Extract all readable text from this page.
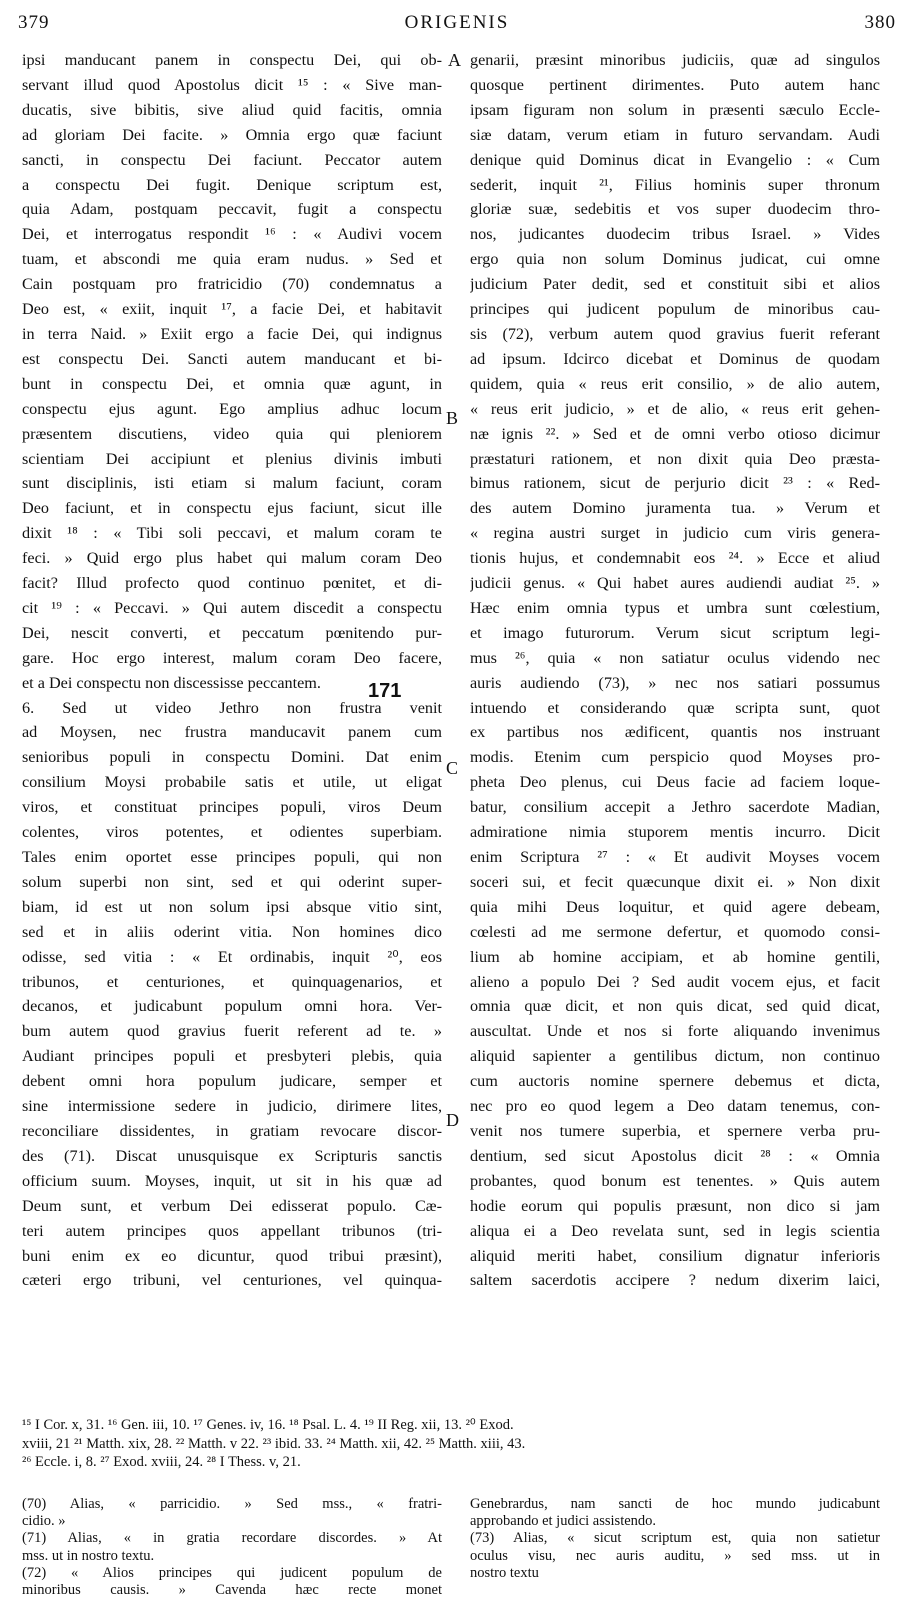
379	ORIGENIS	380

ipsi manducant panem in conspectu Dei, qui ob-

servant illud quod Apostolus dicit ¹⁵ : « Sive man-

ducatis, sive bibitis, sive aliud quid facitis, omnia

ad gloriam Dei facite. » Omnia ergo quæ faciunt

sancti, in conspectu Dei faciunt. Peccator autem

a conspectu Dei fugit. Denique scriptum est,

quia Adam, postquam peccavit, fugit a conspectu

Dei, et interrogatus respondit ¹⁶ : « Audivi vocem

tuam, et abscondi me quia eram nudus. » Sed et

Cain postquam pro fratricidio (70) condemnatus a

Deo est, « exiit, inquit ¹⁷, a facie Dei, et habitavit

in terra Naid. » Exiit ergo a facie Dei, qui indignus

est conspectu Dei. Sancti autem manducant et bi-

bunt in conspectu Dei, et omnia quæ agunt, in

conspectu ejus agunt. Ego amplius adhuc locum

præsentem discutiens, video quia qui pleniorem

scientiam Dei accipiunt et plenius divinis imbuti

sunt disciplinis, isti etiam si malum faciunt, coram

Deo faciunt, et in conspectu ejus faciunt, sicut ille

dixit ¹⁸ : « Tibi soli peccavi, et malum coram te

feci. » Quid ergo plus habet qui malum coram Deo

facit? Illud profecto quod continuo pœnitet, et di-

cit ¹⁹ : « Peccavi. » Qui autem discedit a conspectu

Dei, nescit converti, et peccatum pœnitendo pur-

gare. Hoc ergo interest, malum coram Deo facere,

et a Dei conspectu non discessisse peccantem.

6. Sed ut video Jethro non frustra venit

ad Moysen, nec frustra manducavit panem cum

senioribus populi in conspectu Domini. Dat enim

consilium Moysi probabile satis et utile, ut eligat

viros, et constituat principes populi, viros Deum

colentes, viros potentes, et odientes superbiam.

Tales enim oportet esse principes populi, qui non

solum superbi non sint, sed et qui oderint super-

biam, id est ut non solum ipsi absque vitio sint,

sed et in aliis oderint vitia. Non homines dico

odisse, sed vitia : « Et ordinabis, inquit ²⁰, eos

tribunos, et centuriones, et quinquagenarios, et

decanos, et judicabunt populum omni hora. Ver-

bum autem quod gravius fuerit referent ad te. »

Audiant principes populi et presbyteri plebis, quia

debent omni hora populum judicare, semper et

sine intermissione sedere in judicio, dirimere lites,

reconciliare dissidentes, in gratiam revocare discor-

des (71). Discat unusquisque ex Scripturis sanctis

officium suum. Moyses, inquit, ut sit in his quæ ad

Deum sunt, et verbum Dei edisserat populo. Cæ-

teri autem principes quos appellant tribunos (tri-

buni enim ex eo dicuntur, quod tribui præsint),

cæteri ergo tribuni, vel centuriones, vel quinqua-

genarii, præsint minoribus judiciis, quæ ad singulos

quosque pertinent dirimentes. Puto autem hanc

ipsam figuram non solum in præsenti sæculo Eccle-

siæ datam, verum etiam in futuro servandam. Audi

denique quid Dominus dicat in Evangelio : « Cum

sederit, inquit ²¹, Filius hominis super thronum

gloriæ suæ, sedebitis et vos super duodecim thro-

nos, judicantes duodecim tribus Israel. » Vides

ergo quia non solum Dominus judicat, cui omne

judicium Pater dedit, sed et constituit sibi et alios

principes qui judicent populum de minoribus cau-

sis (72), verbum autem quod gravius fuerit referant

ad ipsum. Idcirco dicebat et Dominus de quodam

quidem, quia « reus erit consilio, » de alio autem,

« reus erit judicio, » et de alio, « reus erit gehen-

næ ignis ²². » Sed et de omni verbo otioso dicimur

præstaturi rationem, et non dixit quia Deo præsta-

bimus rationem, sicut de perjurio dicit ²³ : « Red-

des autem Domino juramenta tua. » Verum et

« regina austri surget in judicio cum viris genera-

tionis hujus, et condemnabit eos ²⁴. » Ecce et aliud

judicii genus. « Qui habet aures audiendi audiat ²⁵. »

Hæc enim omnia typus et umbra sunt cœlestium,

et imago futurorum. Verum sicut scriptum legi-

mus ²⁶, quia « non satiatur oculus videndo nec

auris audiendo (73), » nec nos satiari possumus

intuendo et considerando quæ scripta sunt, quot

ex partibus nos ædificent, quantis nos instruant

modis. Etenim cum perspicio quod Moyses pro-

pheta Deo plenus, cui Deus facie ad faciem loque-

batur, consilium accepit a Jethro sacerdote Madian,

admiratione nimia stuporem mentis incurro. Dicit

enim Scriptura ²⁷ : « Et audivit Moyses vocem

soceri sui, et fecit quæcunque dixit ei. » Non dixit

quia mihi Deus loquitur, et quid agere debeam,

cœlesti ad me sermone defertur, et quomodo consi-

lium ab homine accipiam, et ab homine gentili,

alieno a populo Dei ? Sed audit vocem ejus, et facit

omnia quæ dicit, et non quis dicat, sed quid dicat,

auscultat. Unde et nos si forte aliquando invenimus

aliquid sapienter a gentilibus dictum, non continuo

cum auctoris nomine spernere debemus et dicta,

nec pro eo quod legem a Deo datam tenemus, con-

venit nos tumere superbia, et spernere verba pru-

dentium, sed sicut Apostolus dicit ²⁸ : « Omnia

probantes, quod bonum est tenentes. » Quis autem

hodie eorum qui populis præsunt, non dico si jam

aliqua ei a Deo revelata sunt, sed in legis scientia

aliquid meriti habet, consilium dignatur inferioris

saltem sacerdotis accipere ? nedum dixerim laici,

A
B
C
D
171

¹⁵ I Cor. x, 31. ¹⁶ Gen. iii, 10. ¹⁷ Genes. iv, 16. ¹⁸ Psal. L. 4. ¹⁹ II Reg. xii, 13. ²⁰ Exod.

xviii, 21 ²¹ Matth. xix, 28. ²² Matth. v 22. ²³ ibid. 33. ²⁴ Matth. xii, 42. ²⁵ Matth. xiii, 43.

²⁶ Eccle. i, 8. ²⁷ Exod. xviii, 24. ²⁸ I Thess. v, 21.

(70) Alias, « parricidio. » Sed mss., « fratri-

cidio. »

(71) Alias, « in gratia recordare discordes. » At

mss. ut in nostro textu.

(72) « Alios principes qui judicent populum de

minoribus causis. » Cavenda hæc recte monet

Genebrardus, nam sancti de hoc mundo judicabunt

approbando et judici assistendo.

(73) Alias, « sicut scriptum est, quia non satietur

oculus visu, nec auris auditu, » sed mss. ut in

nostro textu
